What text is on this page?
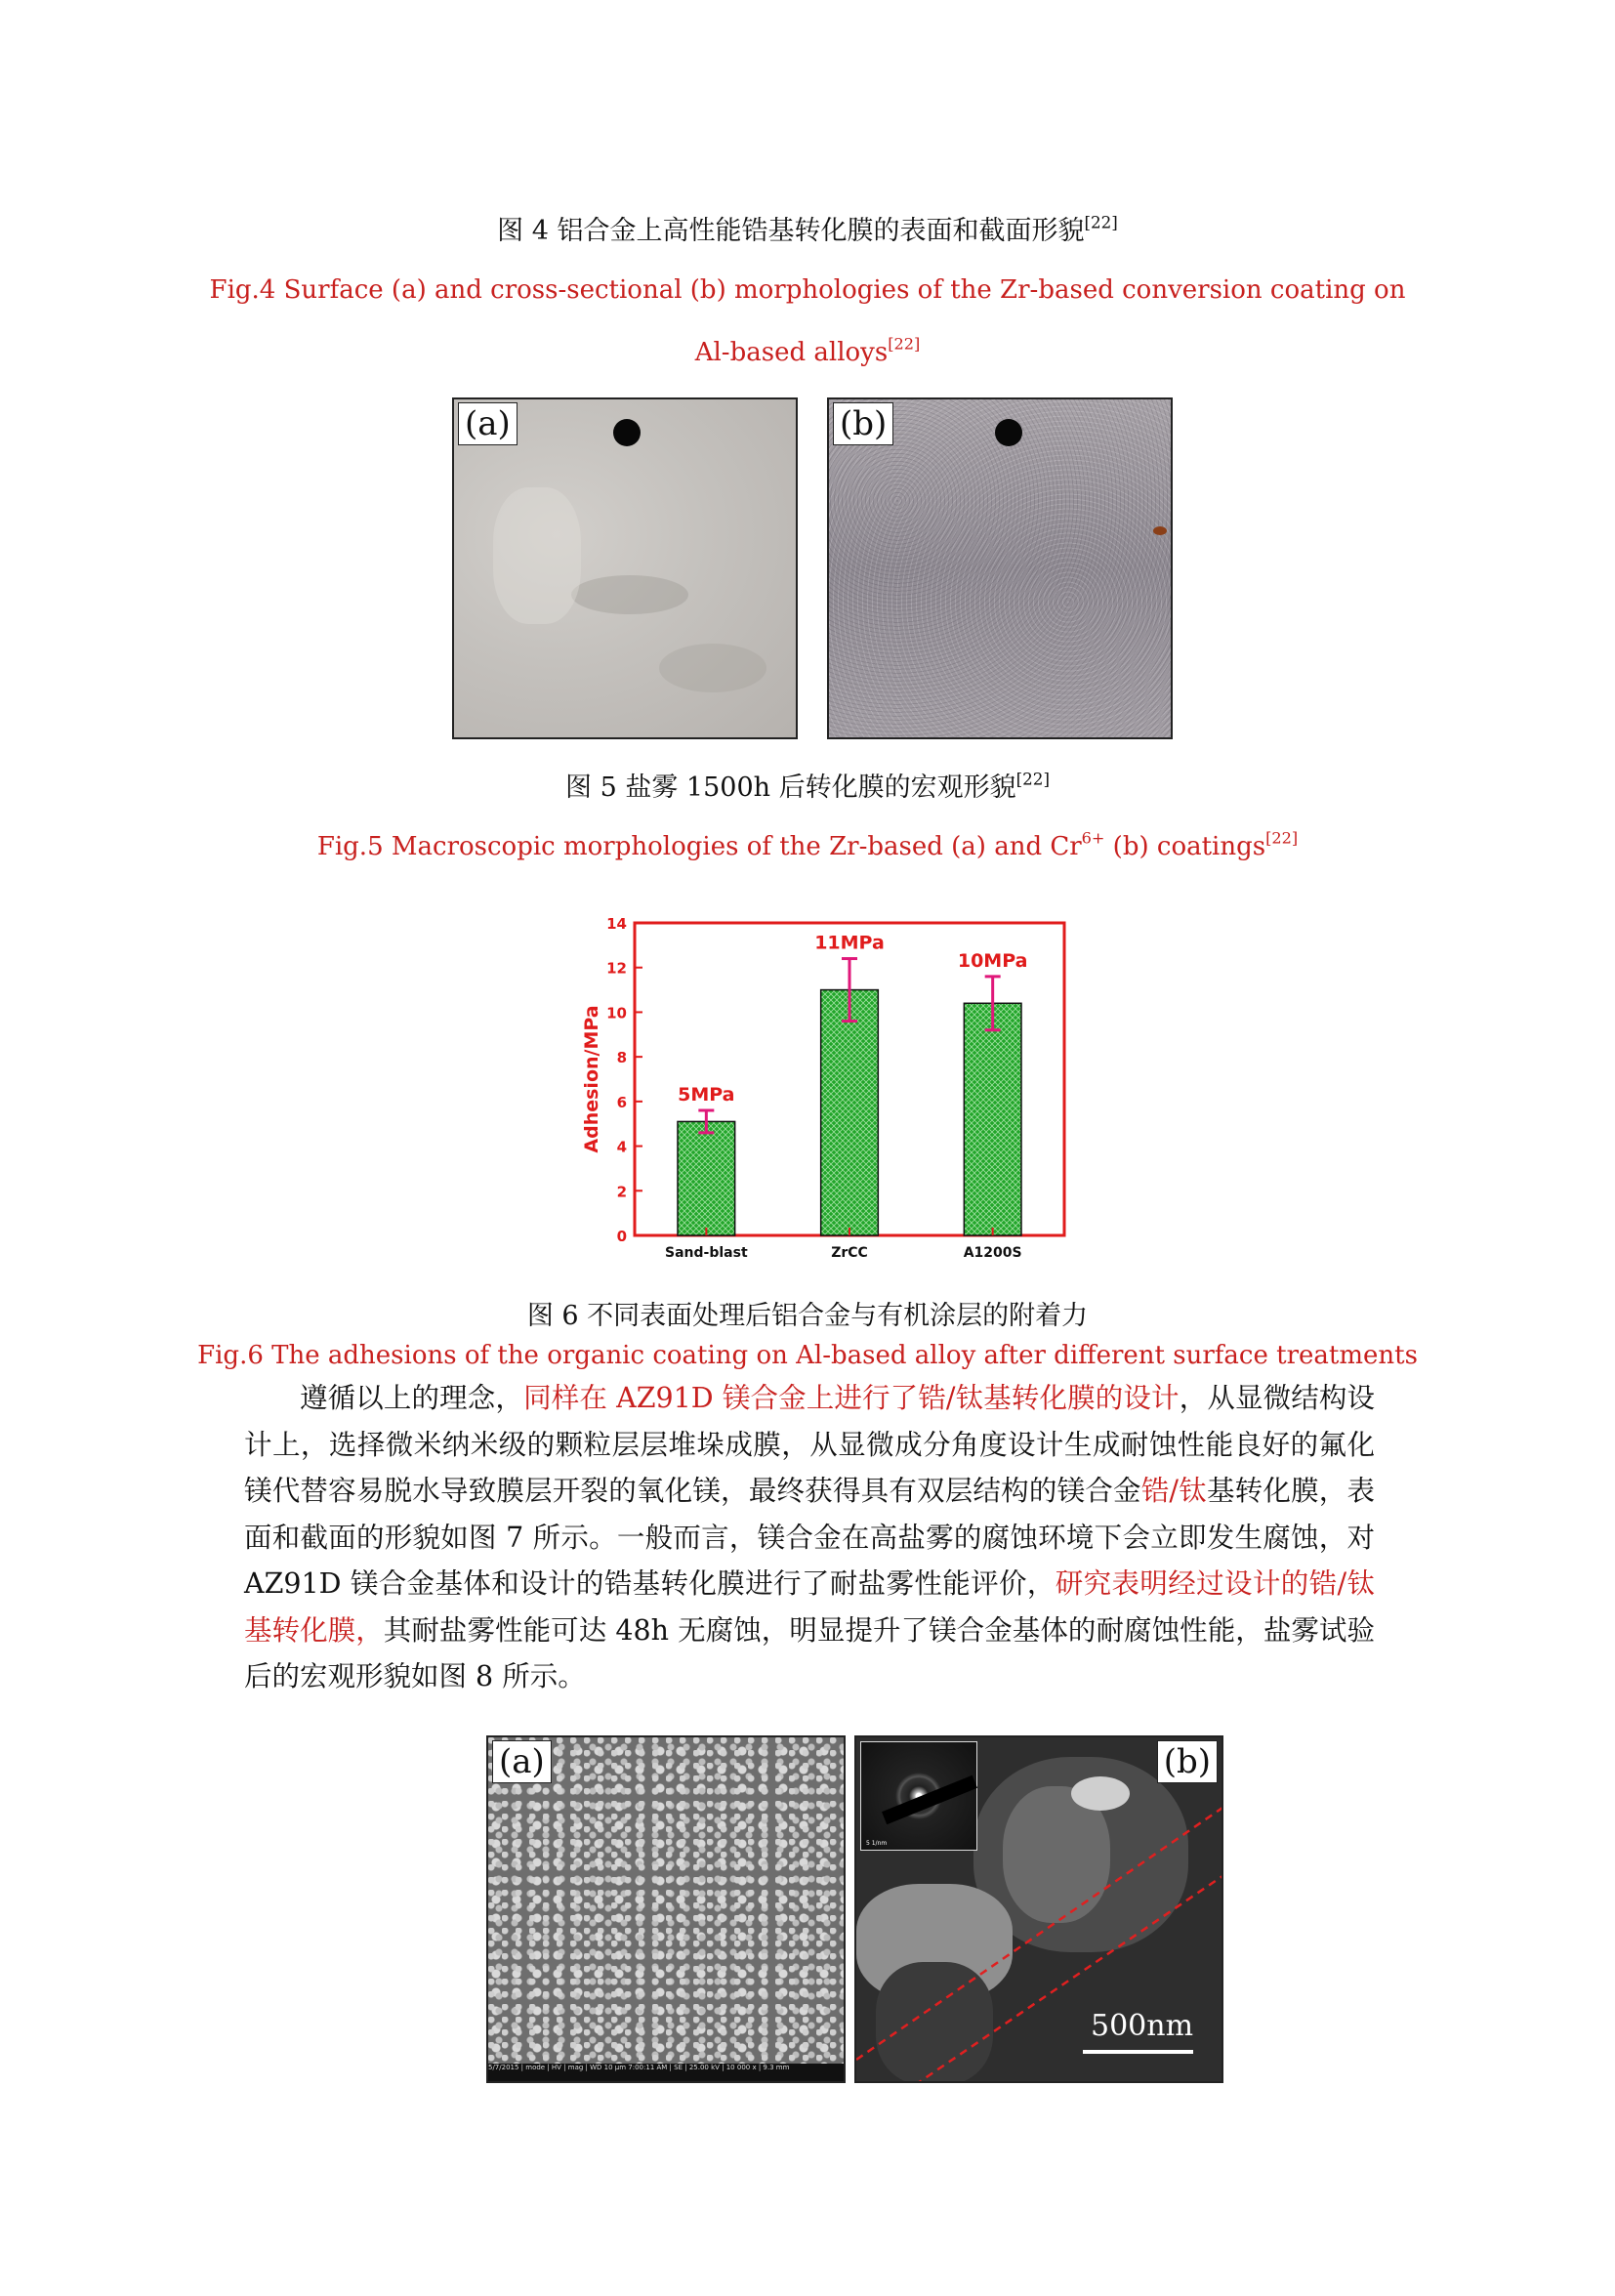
图 4 铝合金上高性能锆基转化膜的表面和截面形貌[22]
Fig.4 Surface (a) and cross-sectional (b) morphologies of the Zr-based conversion coating on
Al-based alloys[22]
(a)	(b)
图 5 盐雾 1500h 后转化膜的宏观形貌[22]
Fig.5 Macroscopic morphologies of the Zr-based (a) and $Cr^{6+}$ (b) coatings[22]
0
2
4
6
8
10
12
14
5MPa
11MPa
10MPa
Sand-blast	ZrCC	A1200S
Adhesion/MPa
图 6 不同表面处理后铝合金与有机涂层的附着力
Fig.6 The adhesions of the organic coating on Al-based alloy after different surface treatments

遵循以上的理念，同样在 AZ91D 镁合金上进行了锆/钛基转化膜的设计，从显微结构设计上，选择微米纳米级的颗粒层层堆垛成膜，从显微成分角度设计生成耐蚀性能良好的氟化镁代替容易脱水导致膜层开裂的氧化镁，最终获得具有双层结构的镁合金锆/钛基转化膜，表面和截面的形貌如图 7 所示。一般而言，镁合金在高盐雾的腐蚀环境下会立即发生腐蚀，对 AZ91D 镁合金基体和设计的锆基转化膜进行了耐盐雾性能评价，研究表明经过设计的锆/钛基转化膜，其耐盐雾性能可达 48h 无腐蚀，明显提升了镁合金基体的耐腐蚀性能，盐雾试验后的宏观形貌如图 8 所示。

(a)
5/7/2015 | mode | HV | mag | WD 10 μm 7:00:11 AM | SE | 25.00 kV | 10 000 x | 9.3 mm
5 1/nm
(b)
500nm
